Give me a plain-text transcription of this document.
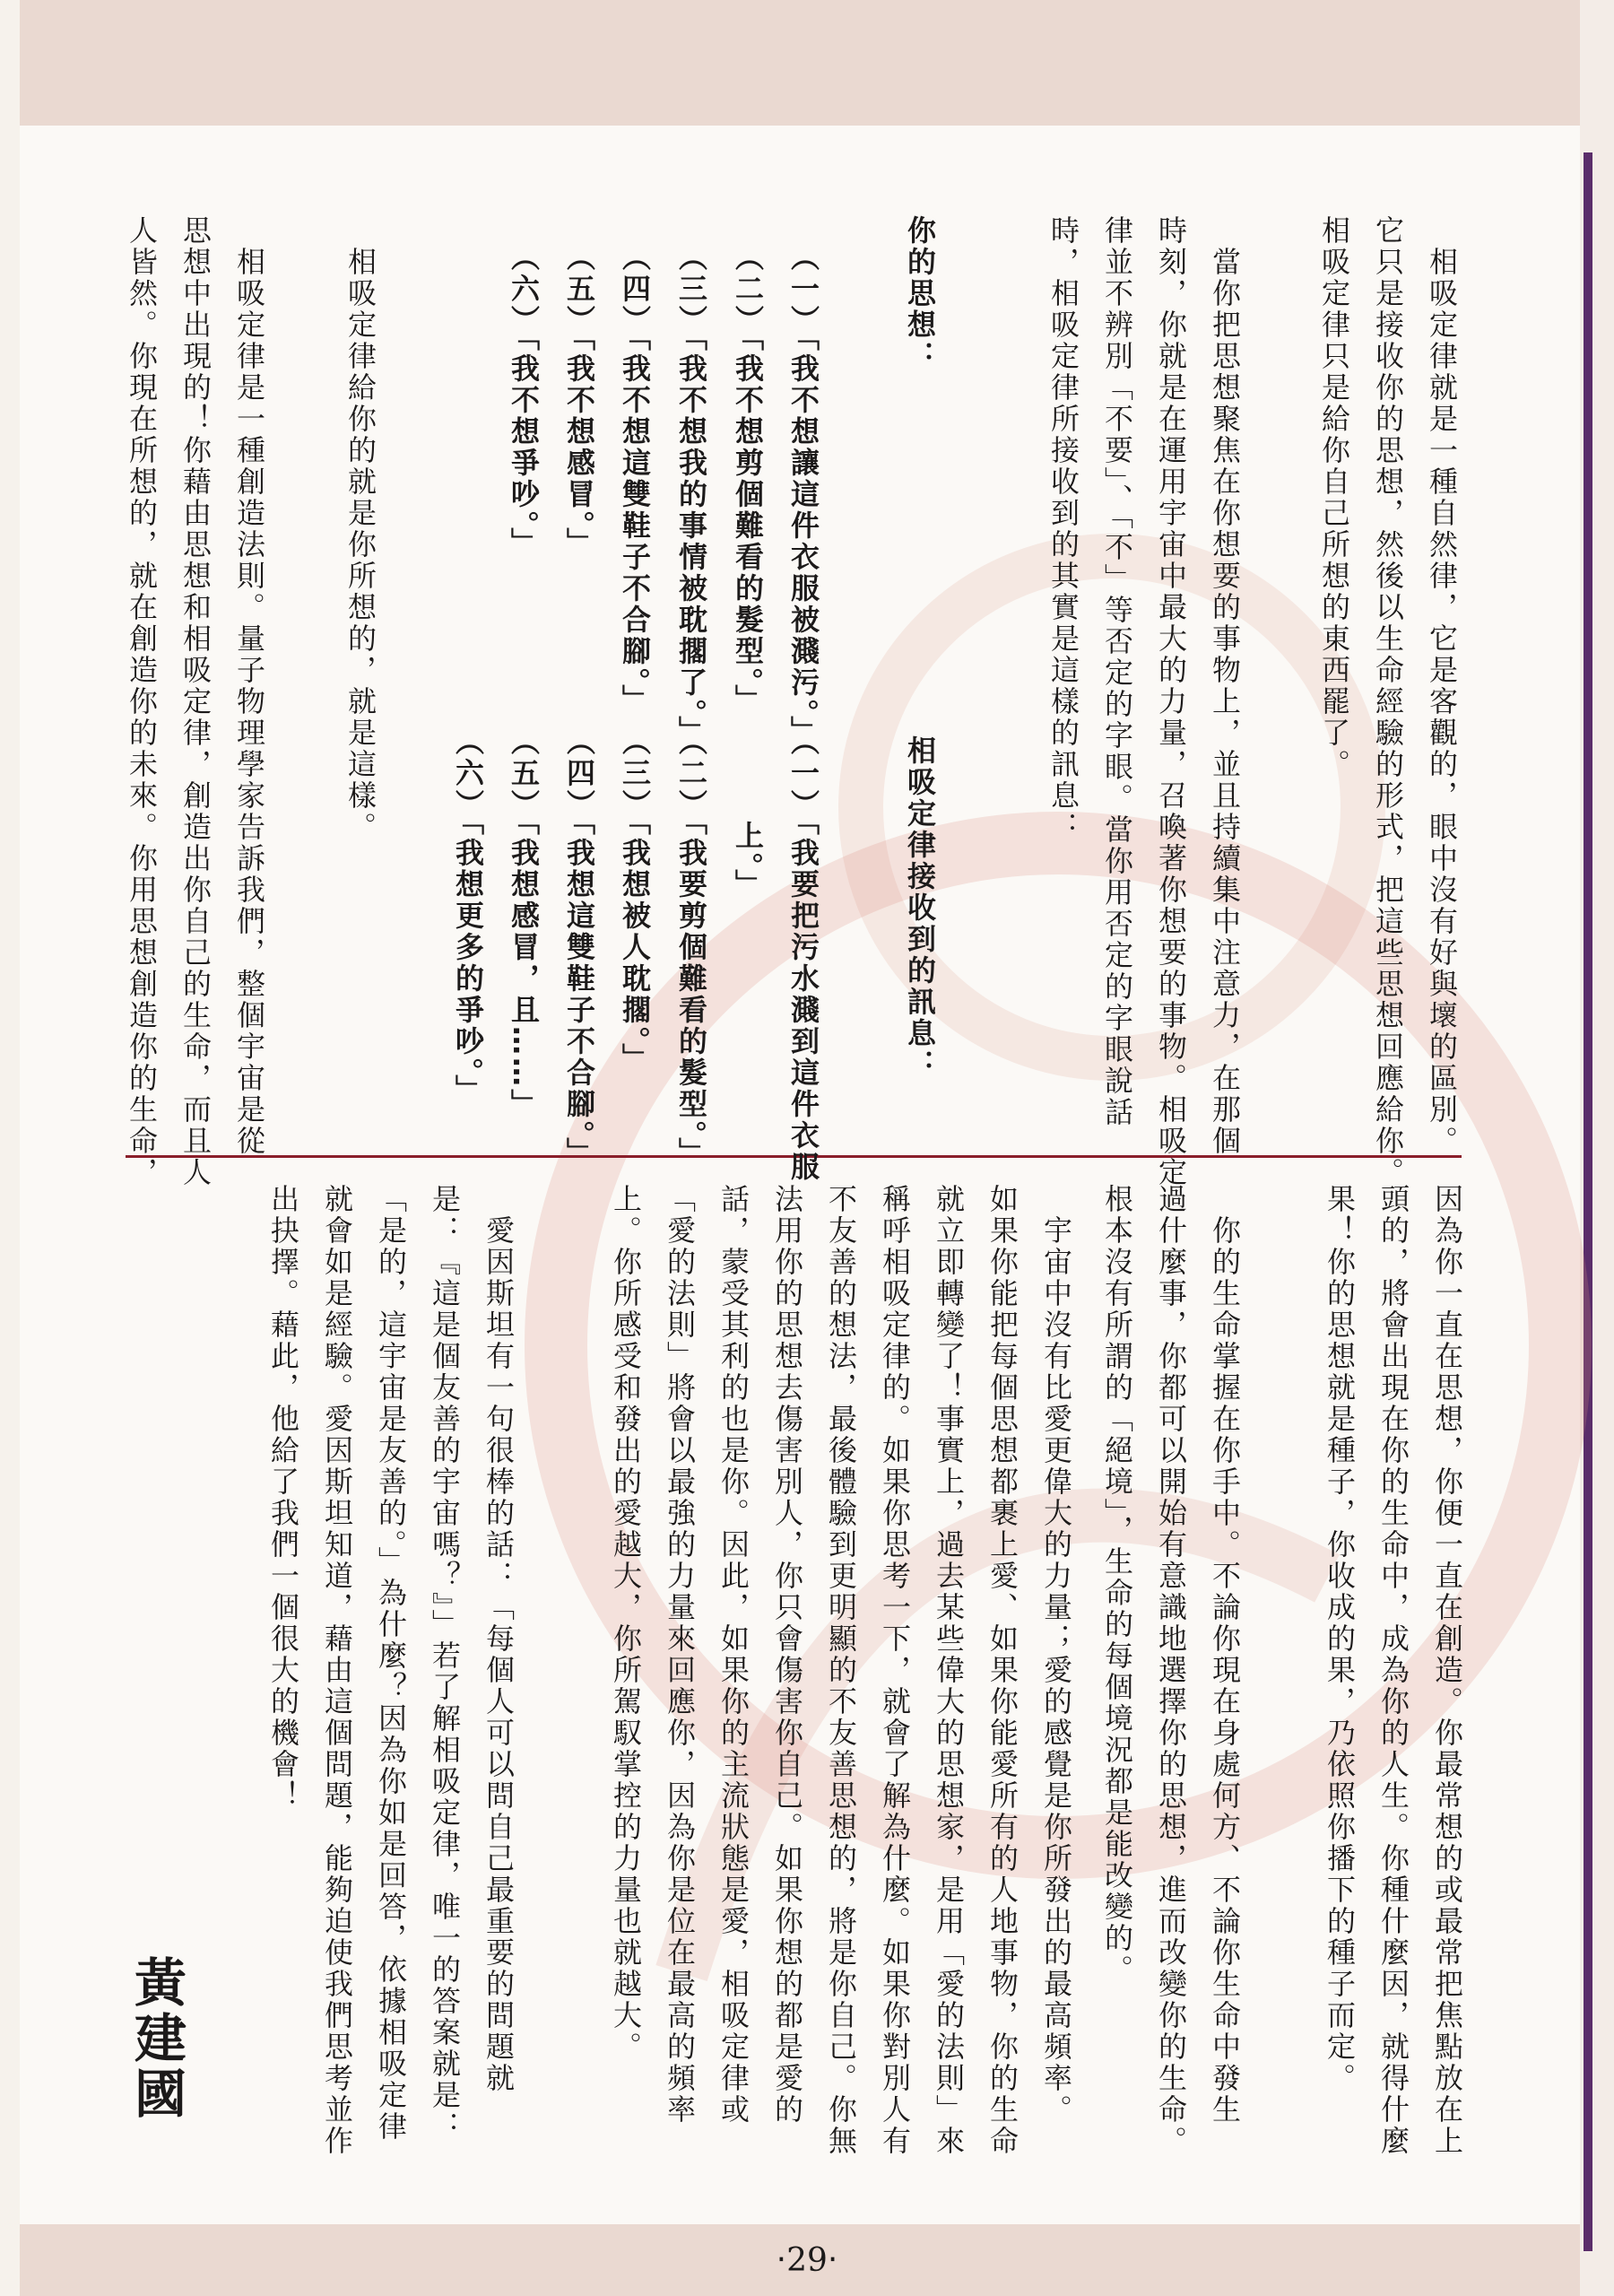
你的思想：
相吸定律接收到的訊息：
　相吸定律給你的就是你所想的，就是這樣。
黃建國
‧29‧
　相吸定律就是一種自然律，它是客觀的，眼中沒有好與壞的區別。
它只是接收你的思想，然後以生命經驗的形式，把這些思想回應給你。
相吸定律只是給你自己所想的東西罷了。
　當你把思想聚焦在你想要的事物上，並且持續集中注意力，在那個
時刻，你就是在運用宇宙中最大的力量，召喚著你想要的事物。相吸定
律並不辨別「不要」、「不」等否定的字眼。當你用否定的字眼說話
時，相吸定律所接收到的其實是這樣的訊息：
（一）「我不想讓這件衣服被濺污。」
（二）「我不想剪個難看的髮型。」
（三）「我不想我的事情被耽擱了。」
（四）「我不想這雙鞋子不合腳。」
（五）「我不想感冒。」
（六）「我不想爭吵。」
（一）「我要把污水濺到這件衣服
　　　上。」
（二）「我要剪個難看的髮型。」
（三）「我想被人耽擱。」
（四）「我想這雙鞋子不合腳。」
（五）「我想感冒，且……」
（六）「我想更多的爭吵。」
　相吸定律是一種創造法則。量子物理學家告訴我們，整個宇宙是從
思想中出現的！你藉由思想和相吸定律，創造出你自己的生命，而且人
人皆然。你現在所想的，就在創造你的未來。你用思想創造你的生命，
因為你一直在思想，你便一直在創造。你最常想的或最常把焦點放在上
頭的，將會出現在你的生命中，成為你的人生。你種什麼因，就得什麼
果！你的思想就是種子，你收成的果，乃依照你播下的種子而定。
　你的生命掌握在你手中。不論你現在身處何方、不論你生命中發生
過什麼事，你都可以開始有意識地選擇你的思想，進而改變你的生命。
根本沒有所謂的「絕境」，生命的每個境況都是能改變的。
　宇宙中沒有比愛更偉大的力量；愛的感覺是你所發出的最高頻率。
如果你能把每個思想都裹上愛、如果你能愛所有的人地事物，你的生命
就立即轉變了！事實上，過去某些偉大的思想家，是用「愛的法則」來
稱呼相吸定律的。如果你思考一下，就會了解為什麼。如果你對別人有
不友善的想法，最後體驗到更明顯的不友善思想的，將是你自己。你無
法用你的思想去傷害別人，你只會傷害你自己。如果你想的都是愛的
話，蒙受其利的也是你。因此，如果你的主流狀態是愛，相吸定律或
「愛的法則」將會以最強的力量來回應你，因為你是位在最高的頻率
上。你所感受和發出的愛越大，你所駕馭掌控的力量也就越大。
　愛因斯坦有一句很棒的話：「每個人可以問自己最重要的問題就
是：『這是個友善的宇宙嗎？』」若了解相吸定律，唯一的答案就是：
「是的，這宇宙是友善的。」為什麼？因為你如是回答，依據相吸定律
就會如是經驗。愛因斯坦知道，藉由這個問題，能夠迫使我們思考並作
出抉擇。藉此，他給了我們一個很大的機會！
